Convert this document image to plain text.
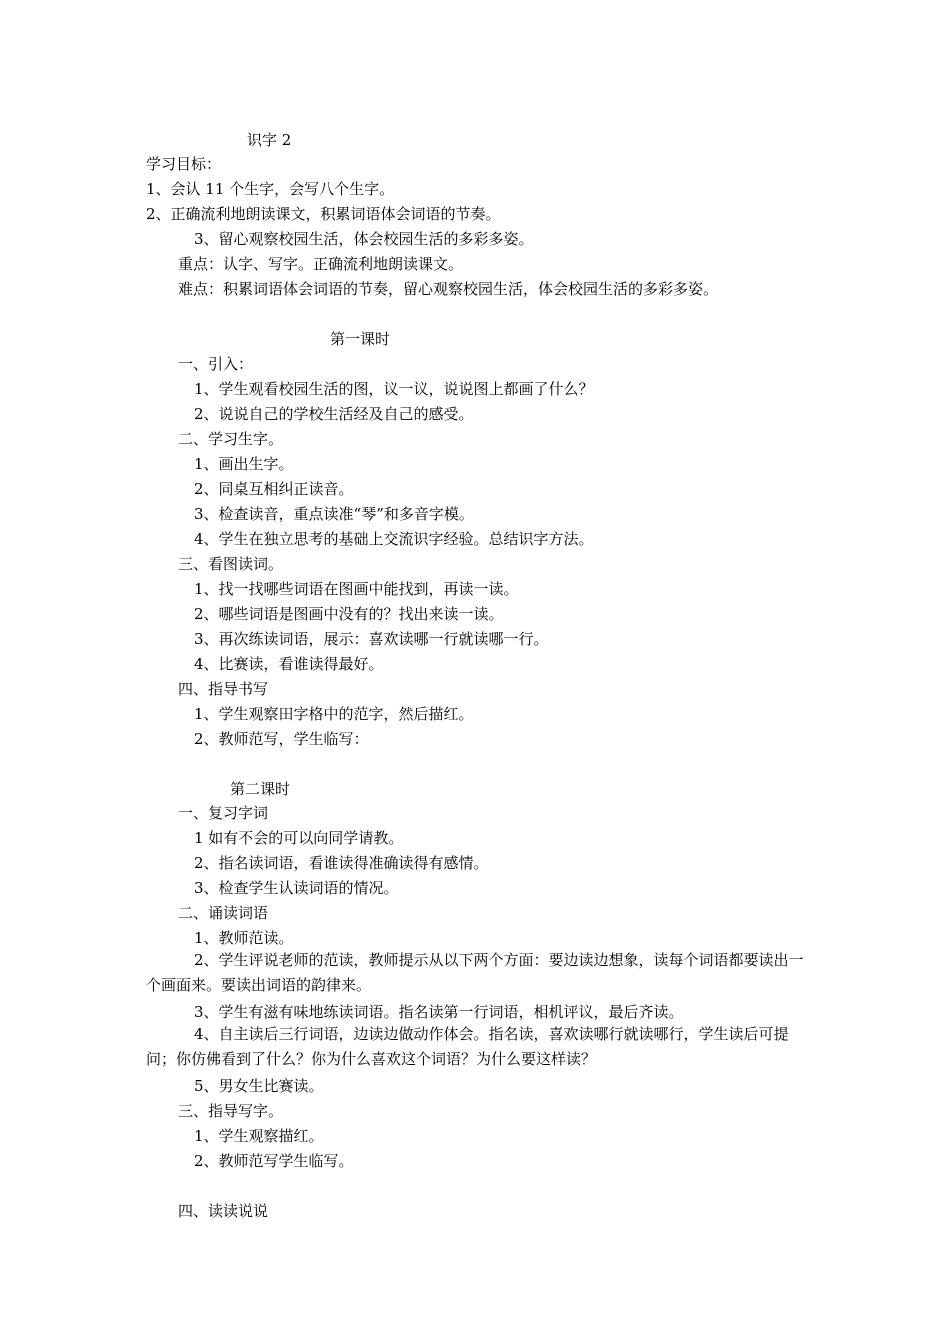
识字 2
学习目标：
1、会认 11 个生字，会写八个生字。
2、正确流利地朗读课文，积累词语体会词语的节奏。
3、留心观察校园生活，体会校园生活的多彩多姿。
重点：认字、写字。正确流利地朗读课文。
难点：积累词语体会词语的节奏，留心观察校园生活，体会校园生活的多彩多姿。
第一课时
一、引入：
1、学生观看校园生活的图，议一议，说说图上都画了什么？
2、说说自己的学校生活经及自己的感受。
二、学习生字。
1、画出生字。
2、同桌互相纠正读音。
3、检查读音，重点读准“琴”和多音字模。
4、学生在独立思考的基础上交流识字经验。总结识字方法。
三、看图读词。
1、找一找哪些词语在图画中能找到，再读一读。
2、哪些词语是图画中没有的？找出来读一读。
3、再次练读词语，展示：喜欢读哪一行就读哪一行。
4、比赛读，看谁读得最好。
四、指导书写
1、学生观察田字格中的范字，然后描红。
2、教师范写，学生临写：
第二课时
一、复习字词
1 如有不会的可以向同学请教。
2、指名读词语，看谁读得准确读得有感情。
3、检查学生认读词语的情况。
二、诵读词语
1、教师范读。
2、学生评说老师的范读，教师提示从以下两个方面：要边读边想象，读每个词语都要读出一个画面来。要读出词语的韵律来。
3、学生有滋有味地练读词语。指名读第一行词语，相机评议，最后齐读。
4、自主读后三行词语，边读边做动作体会。指名读，喜欢读哪行就读哪行，学生读后可提问；你仿佛看到了什么？你为什么喜欢这个词语？为什么要这样读？
5、男女生比赛读。
三、指导写字。
1、学生观察描红。
2、教师范写学生临写。
四、读读说说
